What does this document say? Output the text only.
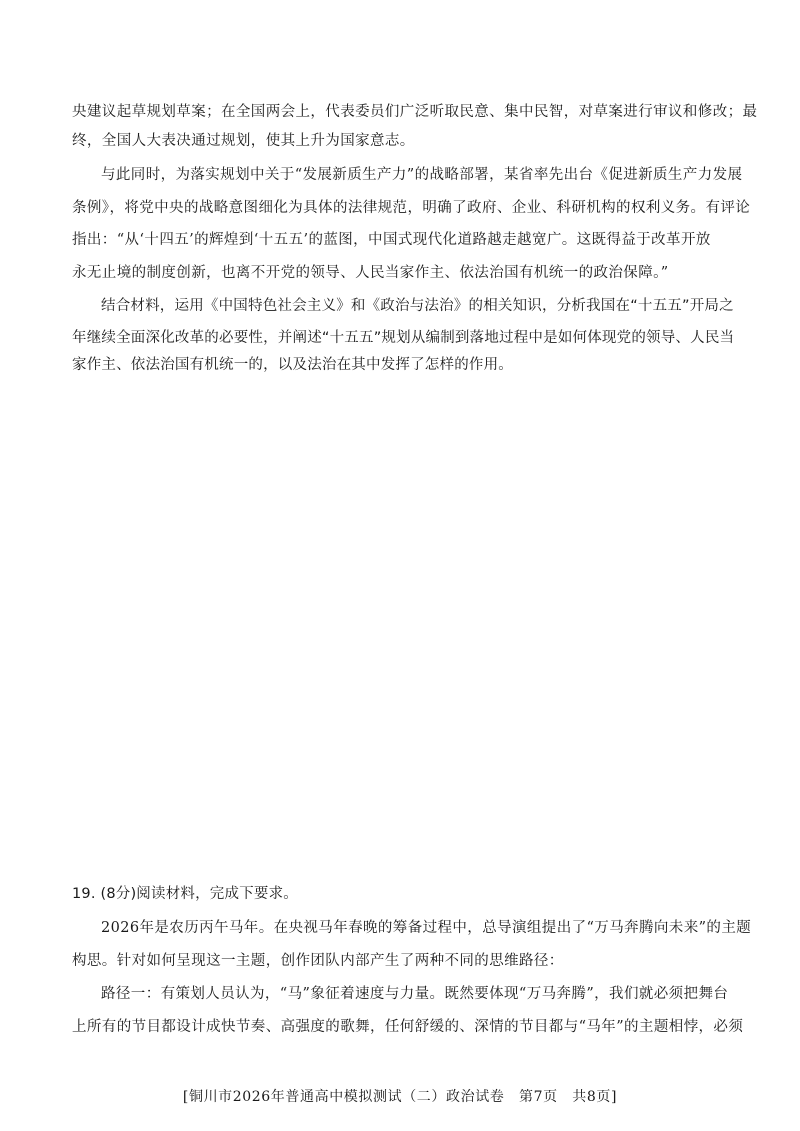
央建议起草规划草案；在全国两会上，代表委员们广泛听取民意、集中民智，对草案进行审议和修改；最
终，全国人大表决通过规划，使其上升为国家意志。
与此同时，为落实规划中关于“发展新质生产力”的战略部署，某省率先出台《促进新质生产力发展
条例》，将党中央的战略意图细化为具体的法律规范，明确了政府、企业、科研机构的权利义务。有评论
指出：“从‘十四五’的辉煌到‘十五五’的蓝图，中国式现代化道路越走越宽广。这既得益于改革开放
永无止境的制度创新，也离不开党的领导、人民当家作主、依法治国有机统一的政治保障。”
结合材料，运用《中国特色社会主义》和《政治与法治》的相关知识，分析我国在“十五五”开局之
年继续全面深化改革的必要性，并阐述“十五五”规划从编制到落地过程中是如何体现党的领导、人民当
家作主、依法治国有机统一的，以及法治在其中发挥了怎样的作用。
19. (8分)阅读材料，完成下要求。
2026年是农历丙午马年。在央视马年春晚的筹备过程中，总导演组提出了“万马奔腾向未来”的主题
构思。针对如何呈现这一主题，创作团队内部产生了两种不同的思维路径：
路径一：有策划人员认为，“马”象征着速度与力量。既然要体现“万马奔腾”，我们就必须把舞台
上所有的节目都设计成快节奏、高强度的歌舞，任何舒缓的、深情的节目都与“马年”的主题相悖，必须
[铜川市2026年普通高中模拟测试（二）政治试卷　第7页　共8页]
